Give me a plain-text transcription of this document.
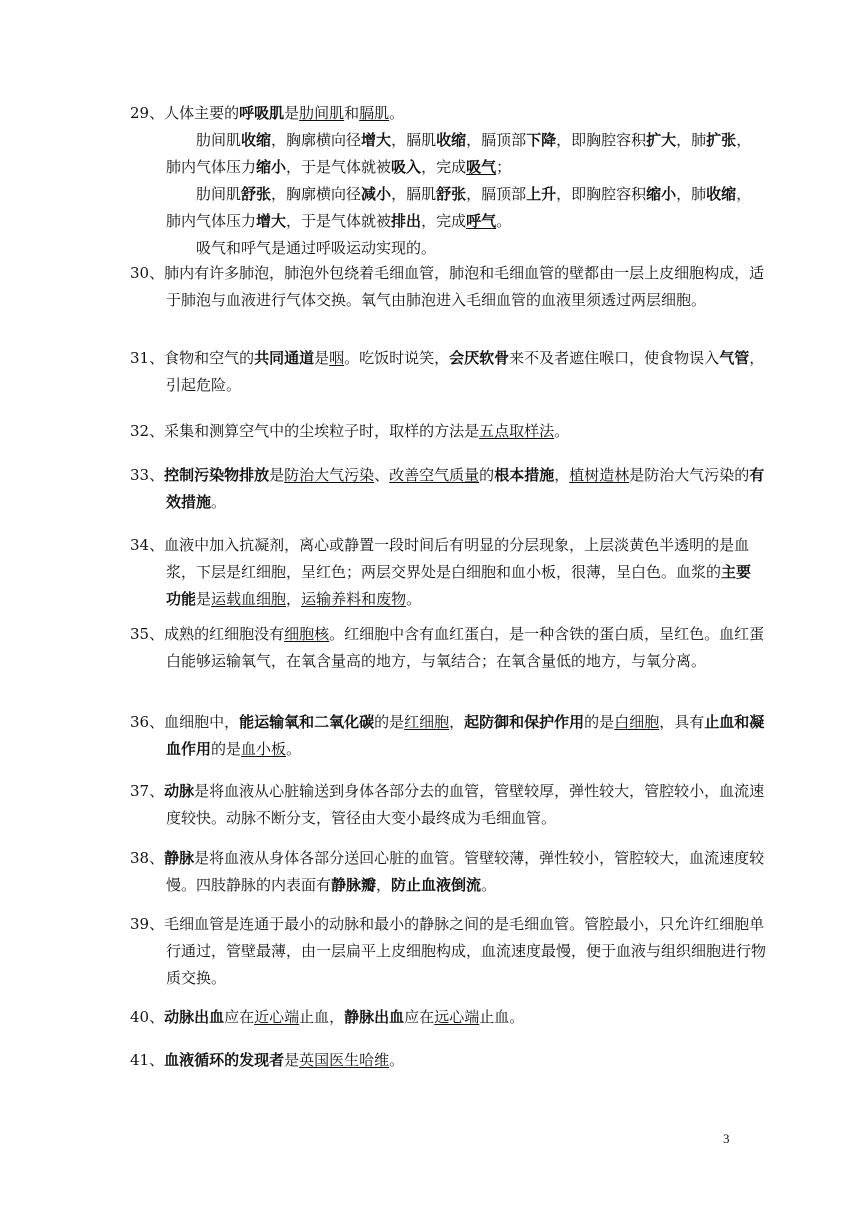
29、人体主要的呼吸肌是肋间肌和膈肌。
肋间肌收缩，胸廓横向径增大，膈肌收缩，膈顶部下降，即胸腔容积扩大，肺扩张，肺内气体压力缩小，于是气体就被吸入，完成吸气；
肋间肌舒张，胸廓横向径减小，膈肌舒张，膈顶部上升，即胸腔容积缩小，肺收缩，肺内气体压力增大，于是气体就被排出，完成呼气。
吸气和呼气是通过呼吸运动实现的。
30、肺内有许多肺泡，肺泡外包绕着毛细血管，肺泡和毛细血管的壁都由一层上皮细胞构成，适于肺泡与血液进行气体交换。氧气由肺泡进入毛细血管的血液里须透过两层细胞。
31、食物和空气的共同通道是咽。吃饭时说笑，会厌软骨来不及者遮住喉口，使食物误入气管，引起危险。
32、采集和测算空气中的尘埃粒子时，取样的方法是五点取样法。
33、控制污染物排放是防治大气污染、改善空气质量的根本措施，植树造林是防治大气污染的有效措施。
34、血液中加入抗凝剂，离心或静置一段时间后有明显的分层现象，上层淡黄色半透明的是血浆，下层是红细胞，呈红色；两层交界处是白细胞和血小板，很薄，呈白色。血浆的主要功能是运载血细胞，运输养料和废物。
35、成熟的红细胞没有细胞核。红细胞中含有血红蛋白，是一种含铁的蛋白质，呈红色。血红蛋白能够运输氧气，在氧含量高的地方，与氧结合；在氧含量低的地方，与氧分离。
36、血细胞中，能运输氧和二氧化碳的是红细胞，起防御和保护作用的是白细胞，具有止血和凝血作用的是血小板。
37、动脉是将血液从心脏输送到身体各部分去的血管，管壁较厚，弹性较大，管腔较小，血流速度较快。动脉不断分支，管径由大变小最终成为毛细血管。
38、静脉是将血液从身体各部分送回心脏的血管。管壁较薄，弹性较小，管腔较大，血流速度较慢。四肢静脉的内表面有静脉瓣，防止血液倒流。
39、毛细血管是连通于最小的动脉和最小的静脉之间的是毛细血管。管腔最小，只允许红细胞单行通过，管壁最薄，由一层扁平上皮细胞构成，血流速度最慢，便于血液与组织细胞进行物质交换。
40、动脉出血应在近心端止血，静脉出血应在远心端止血。
41、血液循环的发现者是英国医生哈维。
3
